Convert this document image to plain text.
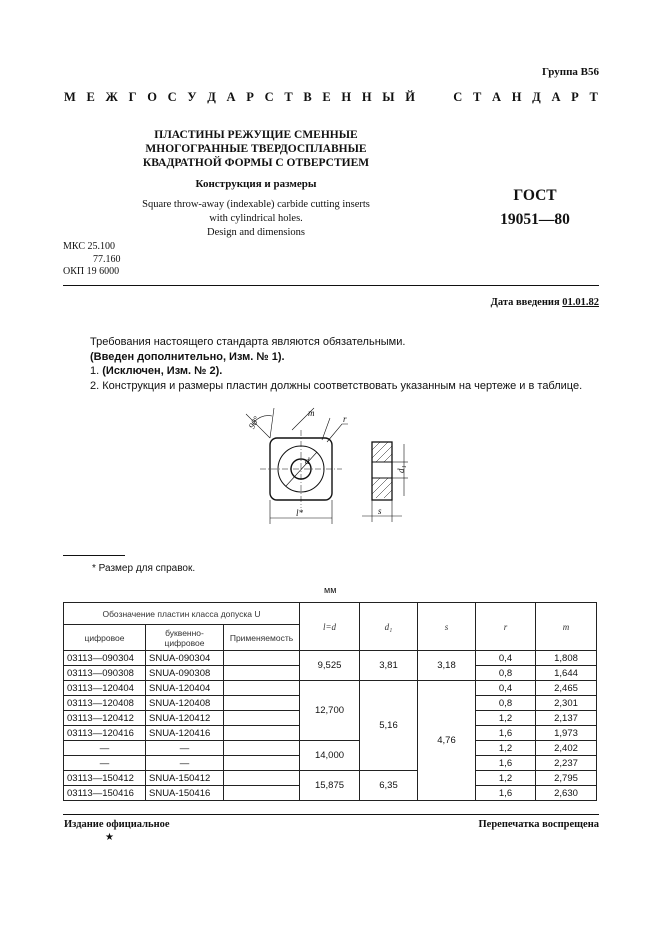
Группа В56
М Е Ж Г О С У Д А Р С Т В Е Н Н Ы Й

	С Т А Н Д А Р Т
ПЛАСТИНЫ РЕЖУЩИЕ СМЕННЫЕ
МНОГОГРАННЫЕ ТВЕРДОСПЛАВНЫЕ
КВАДРАТНОЙ ФОРМЫ С ОТВЕРСТИЕМ
Конструкция и размеры
Square throw-away (indexable) carbide cutting inserts
with cylindrical holes.
Design and dimensions
ГОСТ
19051—80
МКС 25.100
77.160
ОКП 19 6000
Дата введения 01.01.82
Требования настоящего стандарта являются обязательными.
(Введен дополнительно, Изм. № 1).
1. (Исключен, Изм. № 2).
2. Конструкция и размеры пластин должны соответствовать указанным на чертеже и в таблице.
90°
m
r
d
l*
d₁
s
* Размер для справок.
мм
Обозначение пластин класса допуска U			l=d	d₁	s	r	m
цифровое	буквенно-цифровое	Применяемость					
03113—090304	SNUA-090304		9,525	3,81	3,18	0,4	1,808
03113—090308	SNUA-090308					0,8	1,644
03113—120404	SNUA-120404		12,700	5,16	4,76	0,4	2,465
03113—120408	SNUA-120408					0,8	2,301
03113—120412	SNUA-120412					1,2	2,137
03113—120416	SNUA-120416					1,6	1,973
—	—		14,000			1,2	2,402
—	—					1,6	2,237
03113—150412	SNUA-150412		15,875	6,35		1,2	2,795
03113—150416	SNUA-150416					1,6	2,630
Издание официальное
★
Перепечатка воспрещена
